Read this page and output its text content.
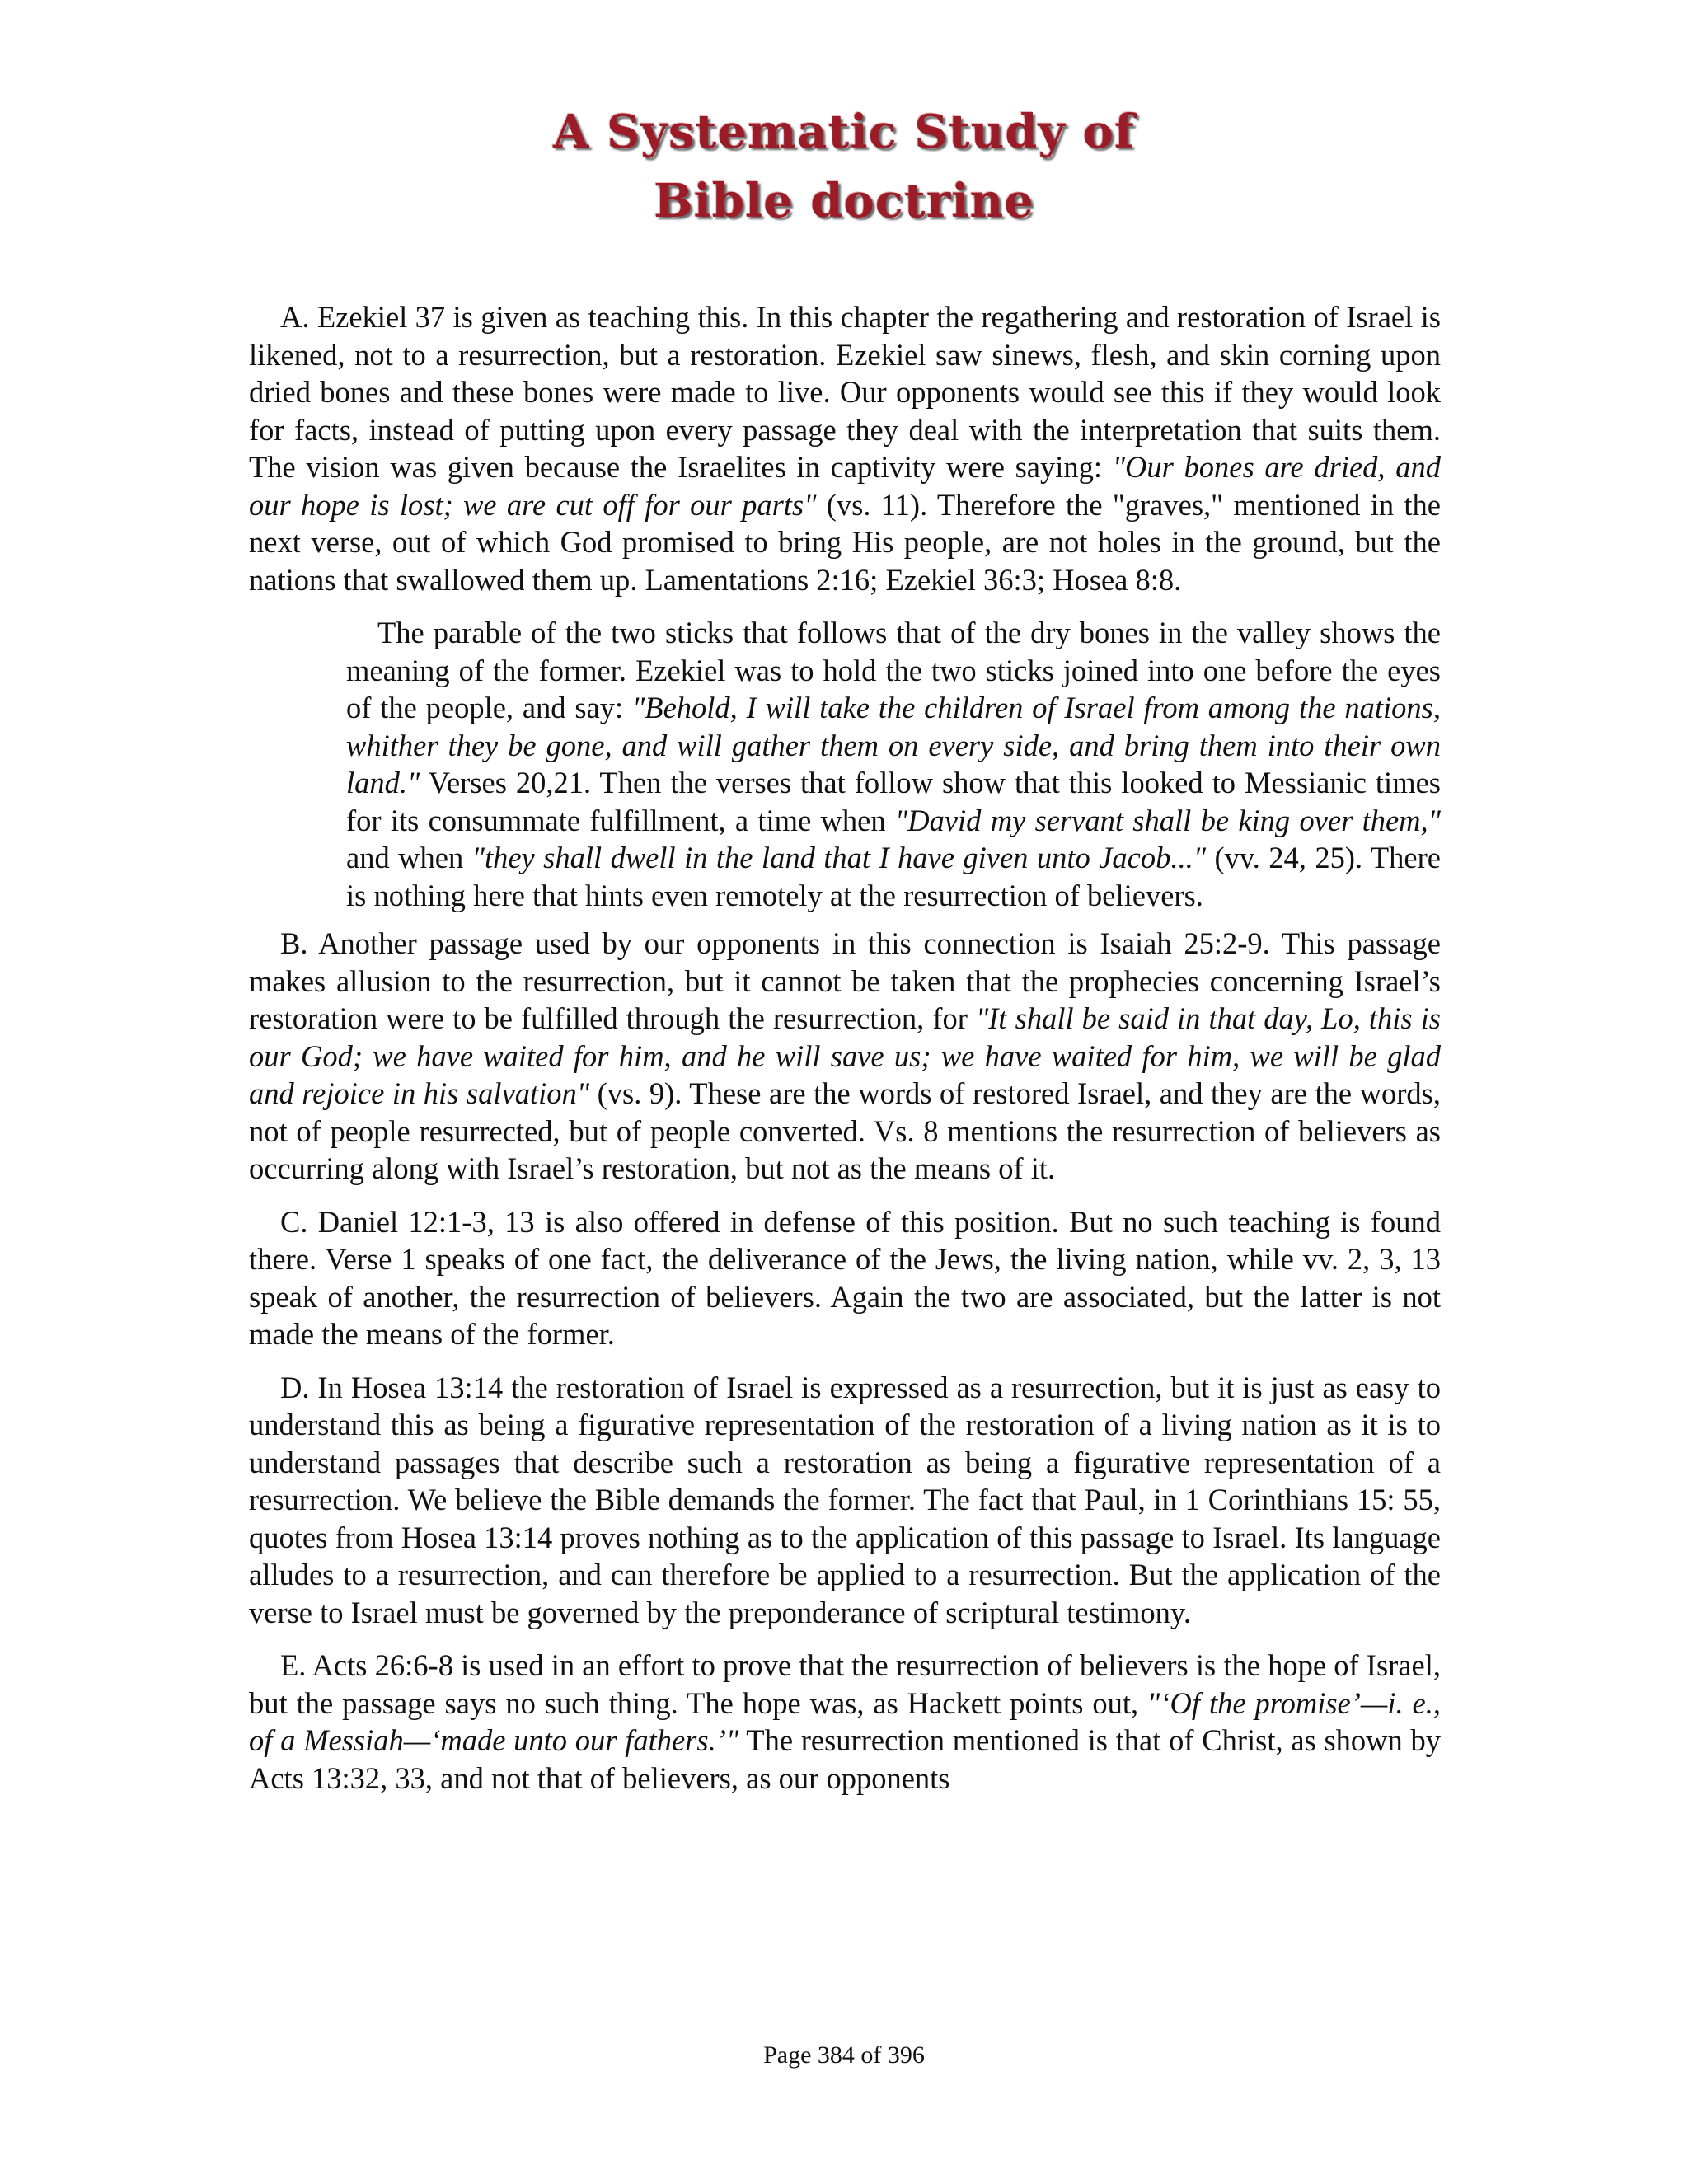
A Systematic Study of
Bible doctrine

A. Ezekiel 37 is given as teaching this. In this chapter the regathering and restoration of Israel is likened, not to a resurrection, but a restoration. Ezekiel saw sinews, flesh, and skin corning upon dried bones and these bones were made to live. Our opponents would see this if they would look for facts, instead of putting upon every passage they deal with the interpretation that suits them. The vision was given because the Israelites in captivity were saying: "Our bones are dried, and our hope is lost; we are cut off for our parts" (vs. 11). Therefore the "graves," mentioned in the next verse, out of which God promised to bring His people, are not holes in the ground, but the nations that swallowed them up. Lamentations 2:16; Ezekiel 36:3; Hosea 8:8.

The parable of the two sticks that follows that of the dry bones in the valley shows the meaning of the former. Ezekiel was to hold the two sticks joined into one before the eyes of the people, and say: "Behold, I will take the children of Israel from among the nations, whither they be gone, and will gather them on every side, and bring them into their own land." Verses 20,21. Then the verses that follow show that this looked to Messianic times for its consummate fulfillment, a time when "David my servant shall be king over them," and when "they shall dwell in the land that I have given unto Jacob..." (vv. 24, 25). There is nothing here that hints even remotely at the resurrection of believers.

B. Another passage used by our opponents in this connection is Isaiah 25:2-9. This passage makes allusion to the resurrection, but it cannot be taken that the prophecies concerning Israel’s restoration were to be fulfilled through the resurrection, for "It shall be said in that day, Lo, this is our God; we have waited for him, and he will save us; we have waited for him, we will be glad and rejoice in his salvation" (vs. 9). These are the words of restored Israel, and they are the words, not of people resurrected, but of people converted. Vs. 8 mentions the resurrection of believers as occurring along with Israel’s restoration, but not as the means of it.

C. Daniel 12:1-3, 13 is also offered in defense of this position. But no such teaching is found there. Verse 1 speaks of one fact, the deliverance of the Jews, the living nation, while vv. 2, 3, 13 speak of another, the resurrection of believers. Again the two are associated, but the latter is not made the means of the former.

D. In Hosea 13:14 the restoration of Israel is expressed as a resurrection, but it is just as easy to understand this as being a figurative representation of the restoration of a living nation as it is to understand passages that describe such a restoration as being a figurative representation of a resurrection. We believe the Bible demands the former. The fact that Paul, in 1 Corinthians 15: 55, quotes from Hosea 13:14 proves nothing as to the application of this passage to Israel. Its language alludes to a resurrection, and can therefore be applied to a resurrection. But the application of the verse to Israel must be governed by the preponderance of scriptural testimony.

E. Acts 26:6-8 is used in an effort to prove that the resurrection of believers is the hope of Israel, but the passage says no such thing. The hope was, as Hackett points out, "‘Of the promise’—i. e., of a Messiah—‘made unto our fathers.’" The resurrection mentioned is that of Christ, as shown by Acts 13:32, 33, and not that of believers, as our opponents

Page 384 of 396
